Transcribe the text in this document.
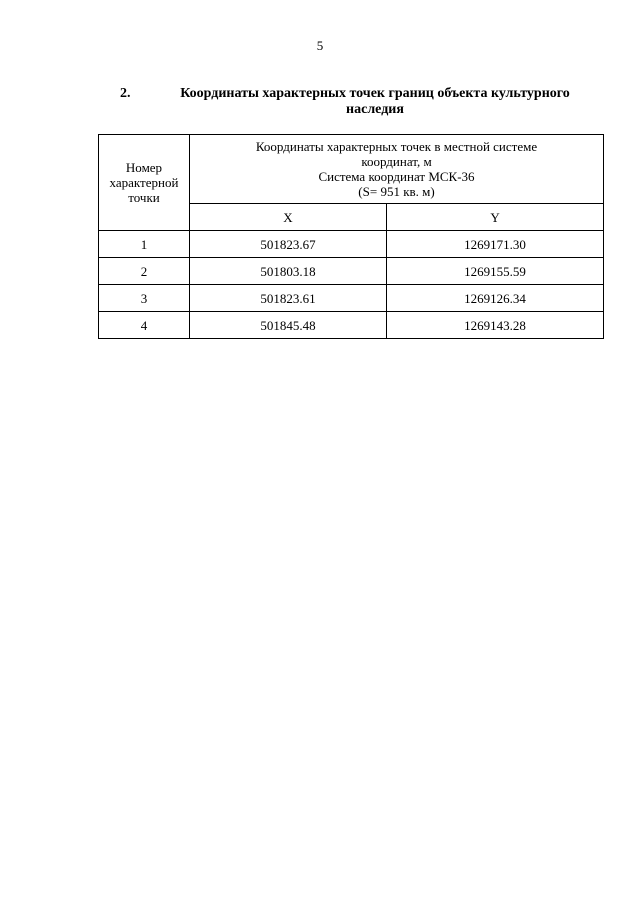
5
2.	Координаты характерных точек границ объекта культурного
наследия
Номер
характерной
точки	Координаты характерных точек в местной системе
координат, м
Система координат МСК-36
(S= 951 кв. м)	
	X	Y
1	501823.67	1269171.30
2	501803.18	1269155.59
3	501823.61	1269126.34
4	501845.48	1269143.28
